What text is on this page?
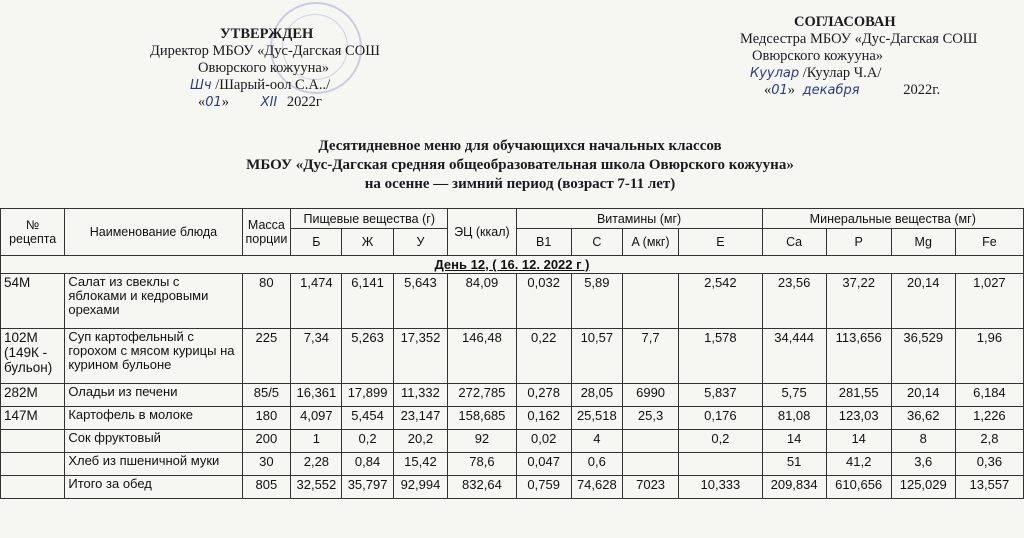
УТВЕРЖДЕН
Директор МБОУ «Дус-Дагская СОШ
Овюрского кожууна»
Шч /Шарый-оол С.А../
«01» XII 2022г
СОГЛАСОВАН
Медсестра МБОУ «Дус-Дагская СОШ
Овюрского кожууна»
Куулар /Куулар Ч.А/
«01» декабря	2022г.
Десятидневное меню для обучающихся начальных классов
МБОУ «Дус-Дагская средняя общеобразовательная школа Овюрского кожууна»
на осенне — зимний период (возраст 7-11 лет)
№ рецепта	Наименование блюда	Масса порции	Пищевые вещества (г)			ЭЦ (ккал)	Витамины (мг)				Минеральные вещества (мг)			
			Б	Ж	У		B1	C	A (мкг)	E	Ca	P	Mg	Fe
День 12, ( 16. 12. 2022 г )														
54М	Салат из свеклы с яблоками и кедровыми орехами	80	1,474	6,141	5,643	84,09	0,032	5,89		2,542	23,56	37,22	20,14	1,027
102М (149К - бульон)	Суп картофельный с горохом с мясом курицы на курином бульоне	225	7,34	5,263	17,352	146,48	0,22	10,57	7,7	1,578	34,444	113,656	36,529	1,96
282М	Оладьи из печени	85/5	16,361	17,899	11,332	272,785	0,278	28,05	6990	5,837	5,75	281,55	20,14	6,184
147М	Картофель в молоке	180	4,097	5,454	23,147	158,685	0,162	25,518	25,3	0,176	81,08	123,03	36,62	1,226
	Сок фруктовый	200	1	0,2	20,2	92	0,02	4		0,2	14	14	8	2,8
	Хлеб из пшеничной муки	30	2,28	0,84	15,42	78,6	0,047	0,6			51	41,2	3,6	0,36
	Итого за обед	805	32,552	35,797	92,994	832,64	0,759	74,628	7023	10,333	209,834	610,656	125,029	13,557
